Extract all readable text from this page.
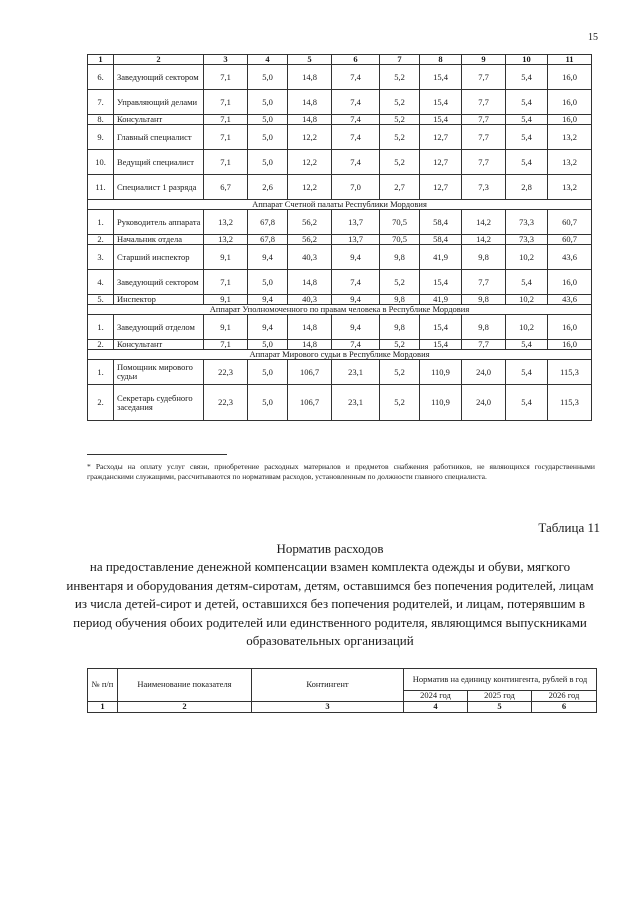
15
1	2	3	4	5	6	7	8	9	10	11
6.	Заведующий сектором	7,1	5,0	14,8	7,4	5,2	15,4	7,7	5,4	16,0
7.	Управляющий делами	7,1	5,0	14,8	7,4	5,2	15,4	7,7	5,4	16,0
8.	Консультант	7,1	5,0	14,8	7,4	5,2	15,4	7,7	5,4	16,0
9.	Главный специалист	7,1	5,0	12,2	7,4	5,2	12,7	7,7	5,4	13,2
10.	Ведущий специалист	7,1	5,0	12,2	7,4	5,2	12,7	7,7	5,4	13,2
11.	Специалист 1 разряда	6,7	2,6	12,2	7,0	2,7	12,7	7,3	2,8	13,2
Аппарат Счетной палаты Республики Мордовия										
1.	Руководитель аппарата	13,2	67,8	56,2	13,7	70,5	58,4	14,2	73,3	60,7
2.	Начальник отдела	13,2	67,8	56,2	13,7	70,5	58,4	14,2	73,3	60,7
3.	Старший инспектор	9,1	9,4	40,3	9,4	9,8	41,9	9,8	10,2	43,6
4.	Заведующий сектором	7,1	5,0	14,8	7,4	5,2	15,4	7,7	5,4	16,0
5.	Инспектор	9,1	9,4	40,3	9,4	9,8	41,9	9,8	10,2	43,6
Аппарат Уполномоченного по правам человека в Республике Мордовия										
1.	Заведующий отделом	9,1	9,4	14,8	9,4	9,8	15,4	9,8	10,2	16,0
2.	Консультант	7,1	5,0	14,8	7,4	5,2	15,4	7,7	5,4	16,0
Аппарат Мирового судьи в Республике Мордовия										
1.	Помощник мирового судьи	22,3	5,0	106,7	23,1	5,2	110,9	24,0	5,4	115,3
2.	Секретарь судебного заседания	22,3	5,0	106,7	23,1	5,2	110,9	24,0	5,4	115,3
* Расходы на оплату услуг связи, приобретение расходных материалов и предметов снабжения работников, не являющихся государственными гражданскими служащими, рассчитываются по нормативам расходов, установленным по должности главного специалиста.
Таблица 11
Норматив расходов
на предоставление денежной компенсации взамен комплекта одежды и обуви, мягкого инвентаря и оборудования детям-сиротам, детям, оставшимся без попечения родителей, лицам из числа детей-сирот и детей, оставшихся без попечения родителей, и лицам, потерявшим в период обучения обоих родителей или единственного родителя, являющимся выпускниками образовательных организаций
№ п/п	Наименование показателя	Контингент	Норматив на единицу контингента, рублей в год		
			2024 год	2025 год	2026 год
1	2	3	4	5	6
